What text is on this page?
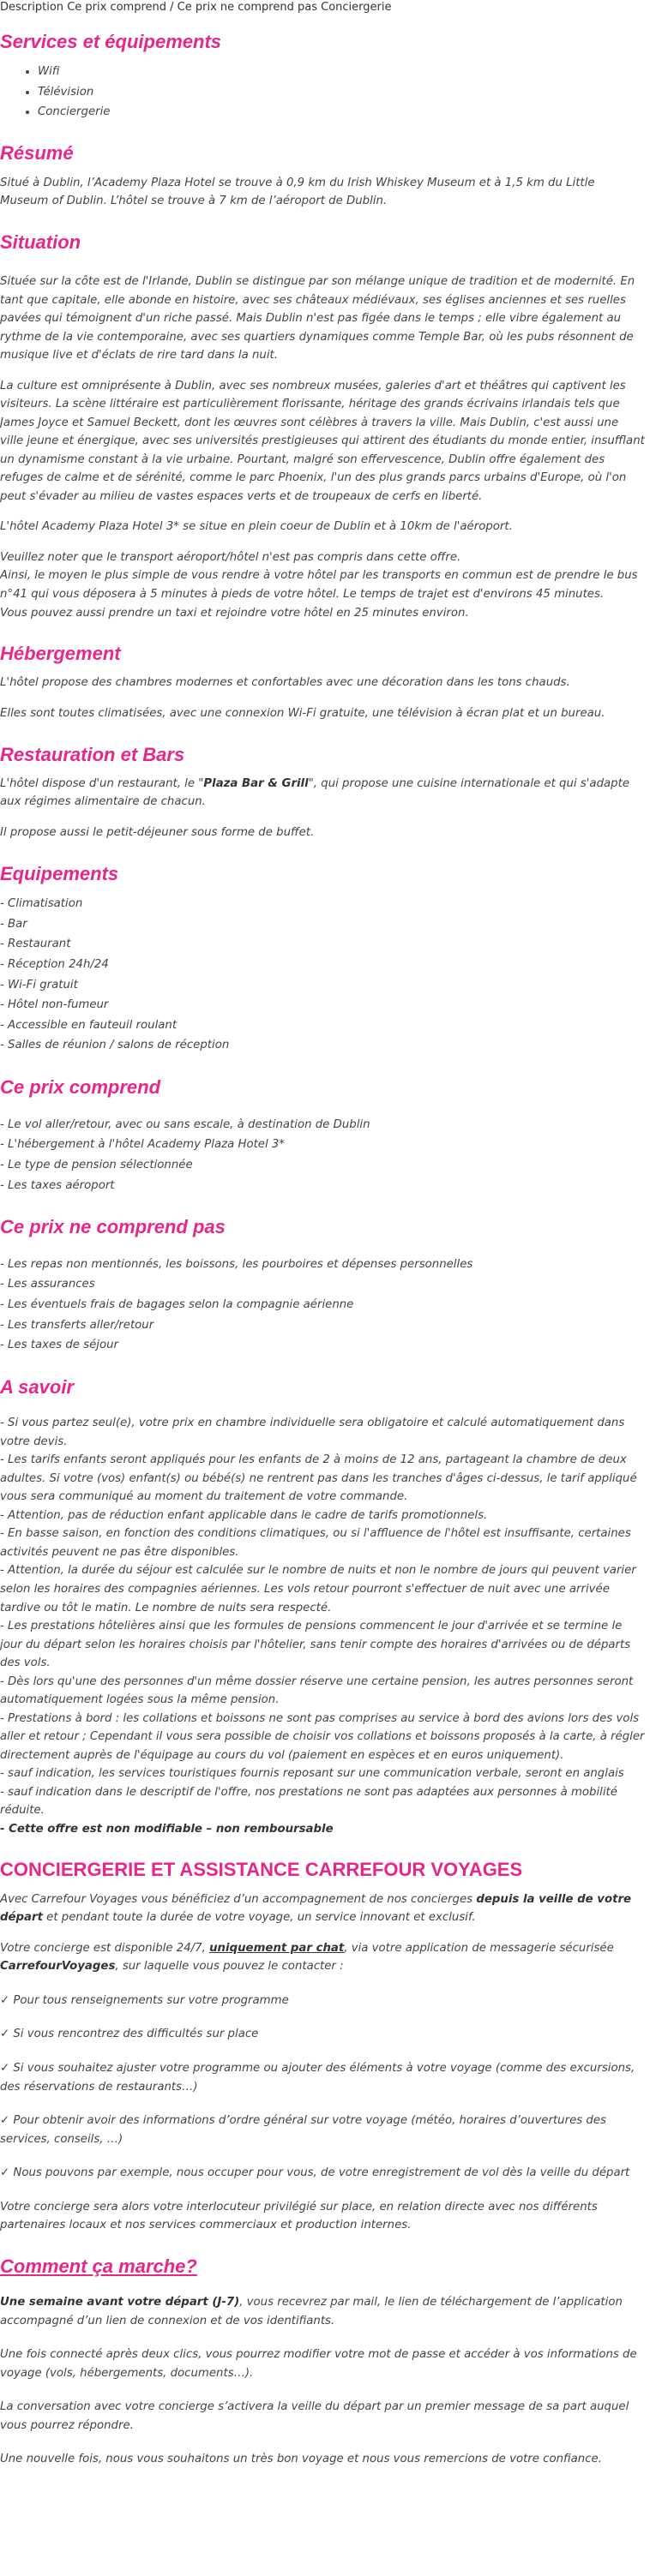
Description Ce prix comprend / Ce prix ne comprend pas Conciergerie
Services et équipements
• Wifi
• Télévision
• Conciergerie
Résumé

Situé à Dublin, l’Academy Plaza Hotel se trouve à 0,9 km du Irish Whiskey Museum et à 1,5 km du Little Museum of Dublin. L’hôtel se trouve à 7 km de l’aéroport de Dublin.

Situation

Située sur la côte est de l'Irlande, Dublin se distingue par son mélange unique de tradition et de modernité. En tant que capitale, elle abonde en histoire, avec ses châteaux médiévaux, ses églises anciennes et ses ruelles pavées qui témoignent d'un riche passé. Mais Dublin n'est pas figée dans le temps ; elle vibre également au rythme de la vie contemporaine, avec ses quartiers dynamiques comme Temple Bar, où les pubs résonnent de musique live et d'éclats de rire tard dans la nuit.

La culture est omniprésente à Dublin, avec ses nombreux musées, galeries d'art et théâtres qui captivent les visiteurs. La scène littéraire est particulièrement florissante, héritage des grands écrivains irlandais tels que James Joyce et Samuel Beckett, dont les œuvres sont célèbres à travers la ville. Mais Dublin, c'est aussi une ville jeune et énergique, avec ses universités prestigieuses qui attirent des étudiants du monde entier, insufflant un dynamisme constant à la vie urbaine. Pourtant, malgré son effervescence, Dublin offre également des refuges de calme et de sérénité, comme le parc Phoenix, l'un des plus grands parcs urbains d'Europe, où l'on peut s'évader au milieu de vastes espaces verts et de troupeaux de cerfs en liberté.

L'hôtel Academy Plaza Hotel 3* se situe en plein coeur de Dublin et à 10km de l'aéroport.

Veuillez noter que le transport aéroport/hôtel n'est pas compris dans cette offre.
Ainsi, le moyen le plus simple de vous rendre à votre hôtel par les transports en commun est de prendre le bus n°41 qui vous déposera à 5 minutes à pieds de votre hôtel. Le temps de trajet est d'environs 45 minutes.
Vous pouvez aussi prendre un taxi et rejoindre votre hôtel en 25 minutes environ.
Hébergement

L'hôtel propose des chambres modernes et confortables avec une décoration dans les tons chauds.

Elles sont toutes climatisées, avec une connexion Wi-Fi gratuite, une télévision à écran plat et un bureau.

Restauration et Bars

L'hôtel dispose d'un restaurant, le "Plaza Bar & Grill", qui propose une cuisine internationale et qui s'adapte aux régimes alimentaire de chacun.

Il propose aussi le petit-déjeuner sous forme de buffet.

Equipements
- Climatisation
- Bar
- Restaurant
- Réception 24h/24
- Wi-Fi gratuit
- Hôtel non-fumeur
- Accessible en fauteuil roulant
- Salles de réunion / salons de réception
Ce prix comprend
- Le vol aller/retour, avec ou sans escale, à destination de Dublin
- L'hébergement à l'hôtel Academy Plaza Hotel 3*
- Le type de pension sélectionnée
- Les taxes aéroport
Ce prix ne comprend pas
- Les repas non mentionnés, les boissons, les pourboires et dépenses personnelles
- Les assurances
- Les éventuels frais de bagages selon la compagnie aérienne
- Les transferts aller/retour
- Les taxes de séjour
A savoir
- Si vous partez seul(e), votre prix en chambre individuelle sera obligatoire et calculé automatiquement dans votre devis.
- Les tarifs enfants seront appliqués pour les enfants de 2 à moins de 12 ans, partageant la chambre de deux adultes. Si votre (vos) enfant(s) ou bébé(s) ne rentrent pas dans les tranches d'âges ci-dessus, le tarif appliqué vous sera communiqué au moment du traitement de votre commande.
- Attention, pas de réduction enfant applicable dans le cadre de tarifs promotionnels.
- En basse saison, en fonction des conditions climatiques, ou si l'affluence de l'hôtel est insuffisante, certaines activités peuvent ne pas être disponibles.
- Attention, la durée du séjour est calculée sur le nombre de nuits et non le nombre de jours qui peuvent varier selon les horaires des compagnies aériennes. Les vols retour pourront s'effectuer de nuit avec une arrivée tardive ou tôt le matin. Le nombre de nuits sera respecté.
- Les prestations hôtelières ainsi que les formules de pensions commencent le jour d'arrivée et se termine le jour du départ selon les horaires choisis par l'hôtelier, sans tenir compte des horaires d'arrivées ou de départs des vols.
- Dès lors qu'une des personnes d'un même dossier réserve une certaine pension, les autres personnes seront automatiquement logées sous la même pension.
- Prestations à bord : les collations et boissons ne sont pas comprises au service à bord des avions lors des vols aller et retour ; Cependant il vous sera possible de choisir vos collations et boissons proposés à la carte, à régler directement auprès de l'équipage au cours du vol (paiement en espèces et en euros uniquement).
- sauf indication, les services touristiques fournis reposant sur une communication verbale, seront en anglais
- sauf indication dans le descriptif de l'offre, nos prestations ne sont pas adaptées aux personnes à mobilité réduite.
- Cette offre est non modifiable – non remboursable
CONCIERGERIE ET ASSISTANCE CARREFOUR VOYAGES

Avec Carrefour Voyages vous bénéficiez d’un accompagnement de nos concierges depuis la veille de votre départ et pendant toute la durée de votre voyage, un service innovant et exclusif.

Votre concierge est disponible 24/7, uniquement par chat, via votre application de messagerie sécurisée CarrefourVoyages, sur laquelle vous pouvez le contacter :

✓ Pour tous renseignements sur votre programme

✓ Si vous rencontrez des difficultés sur place

✓ Si vous souhaitez ajuster votre programme ou ajouter des éléments à votre voyage (comme des excursions, des réservations de restaurants…)

✓ Pour obtenir avoir des informations d’ordre général sur votre voyage (météo, horaires d’ouvertures des services, conseils, …)

✓ Nous pouvons par exemple, nous occuper pour vous, de votre enregistrement de vol dès la veille du départ

Votre concierge sera alors votre interlocuteur privilégié sur place, en relation directe avec nos différents partenaires locaux et nos services commerciaux et production internes.

Comment ça marche?

Une semaine avant votre départ (J-7), vous recevrez par mail, le lien de téléchargement de l’application accompagné d’un lien de connexion et de vos identifiants.

Une fois connecté après deux clics, vous pourrez modifier votre mot de passe et accéder à vos informations de voyage (vols, hébergements, documents…).

La conversation avec votre concierge s’activera la veille du départ par un premier message de sa part auquel vous pourrez répondre.

Une nouvelle fois, nous vous souhaitons un très bon voyage et nous vous remercions de votre confiance.
